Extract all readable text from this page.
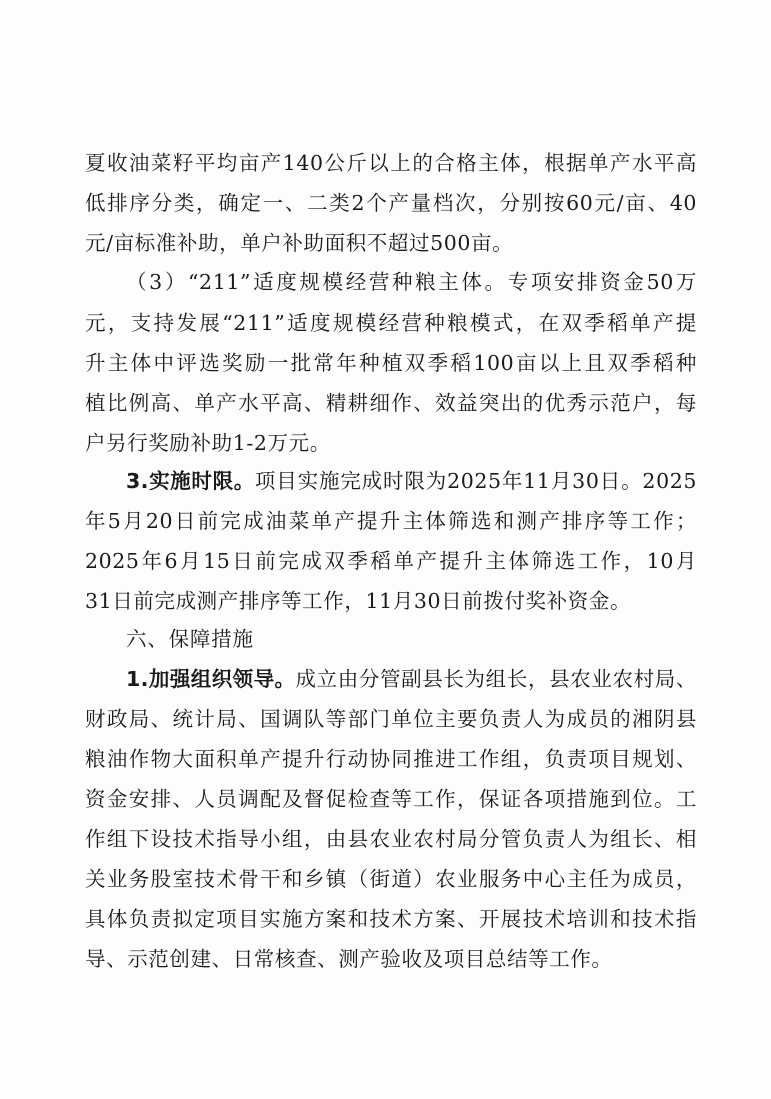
夏收油菜籽平均亩产140公斤以上的合格主体，根据单产水平高
低排序分类，确定一、二类2个产量档次，分别按60元/亩、40
元/亩标准补助，单户补助面积不超过500亩。
（3）“211”适度规模经营种粮主体。专项安排资金50万
元，支持发展“211”适度规模经营种粮模式，在双季稻单产提
升主体中评选奖励一批常年种植双季稻100亩以上且双季稻种
植比例高、单产水平高、精耕细作、效益突出的优秀示范户，每
户另行奖励补助1-2万元。
3.实施时限。项目实施完成时限为2025年11月30日。2025
年5月20日前完成油菜单产提升主体筛选和测产排序等工作；
2025年6月15日前完成双季稻单产提升主体筛选工作，10月
31日前完成测产排序等工作，11月30日前拨付奖补资金。
六、保障措施
1.加强组织领导。成立由分管副县长为组长，县农业农村局、
财政局、统计局、国调队等部门单位主要负责人为成员的湘阴县
粮油作物大面积单产提升行动协同推进工作组，负责项目规划、
资金安排、人员调配及督促检查等工作，保证各项措施到位。工
作组下设技术指导小组，由县农业农村局分管负责人为组长、相
关业务股室技术骨干和乡镇（街道）农业服务中心主任为成员，
具体负责拟定项目实施方案和技术方案、开展技术培训和技术指
导、示范创建、日常核查、测产验收及项目总结等工作。
